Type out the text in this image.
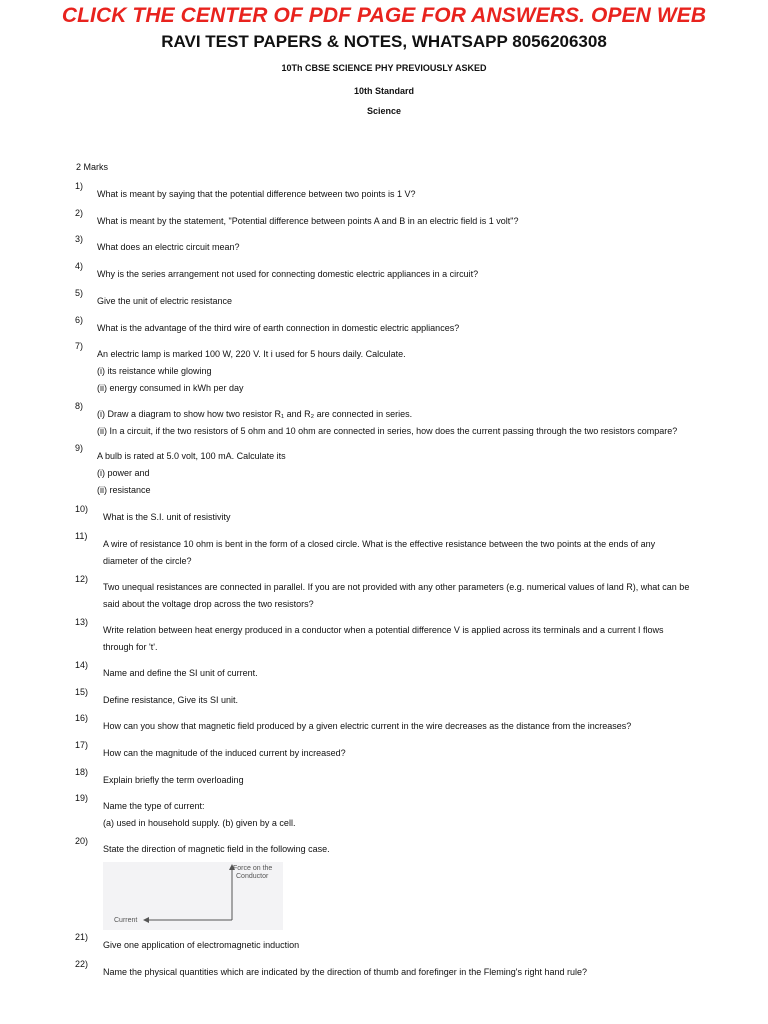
CLICK THE CENTER OF PDF PAGE FOR ANSWERS. OPEN WEB
RAVI TEST PAPERS & NOTES, WHATSAPP 8056206308
10Th CBSE SCIENCE PHY PREVIOUSLY ASKED
10th Standard
Science
2 Marks
1)
What is meant by saying that the potential difference between two points is 1 V?
2)
What is meant by the statement, "Potential difference between points A and B in an electric field is 1 volt"?
3)
What does an electric circuit mean?
4)
Why is the series arrangement not used for connecting domestic electric appliances in a circuit?
5)
Give the unit of electric resistance
6)
What is the advantage of the third wire of earth connection in domestic electric appliances?
7)
An electric lamp is marked 100 W, 220 V. It i used for 5 hours daily. Calculate.
(i) its reistance while glowing
(ii) energy consumed in kWh per day
8)
(i) Draw a diagram to show how two resistor R₁ and R₂ are connected in series.
(ii) In a circuit, if the two resistors of 5 ohm and 10 ohm are connected in series, how does the current passing through the two resistors compare?
9)
A bulb is rated at 5.0 volt, 100 mA. Calculate its
(i) power and
(ii) resistance
10)
What is the S.I. unit of resistivity
11)
A wire of resistance 10 ohm is bent in the form of a closed circle. What is the effective resistance between the two points at the ends of any
diameter of the circle?
12)
Two unequal resistances are connected in parallel. If you are not provided with any other parameters (e.g. numerical values of land R), what can be
said about the voltage drop across the two resistors?
13)
Write relation between heat energy produced in a conductor when a potential difference V is applied across its terminals and a current I flows
through for 't'.
14)
Name and define the SI unit of current.
15)
Define resistance, Give its SI unit.
16)
How can you show that magnetic field produced by a given electric current in the wire decreases as the distance from the increases?
17)
How can the magnitude of the induced current by increased?
18)
Explain briefly the term overloading
19)
Name the type of current:
(a) used in household supply. (b) given by a cell.
20)
State the direction of magnetic field in the following case.
21)
Give one application of electromagnetic induction
22)
Name the physical quantities which are indicated by the direction of thumb and forefinger in the Fleming's right hand rule?
Force on the
Conductor
Current
